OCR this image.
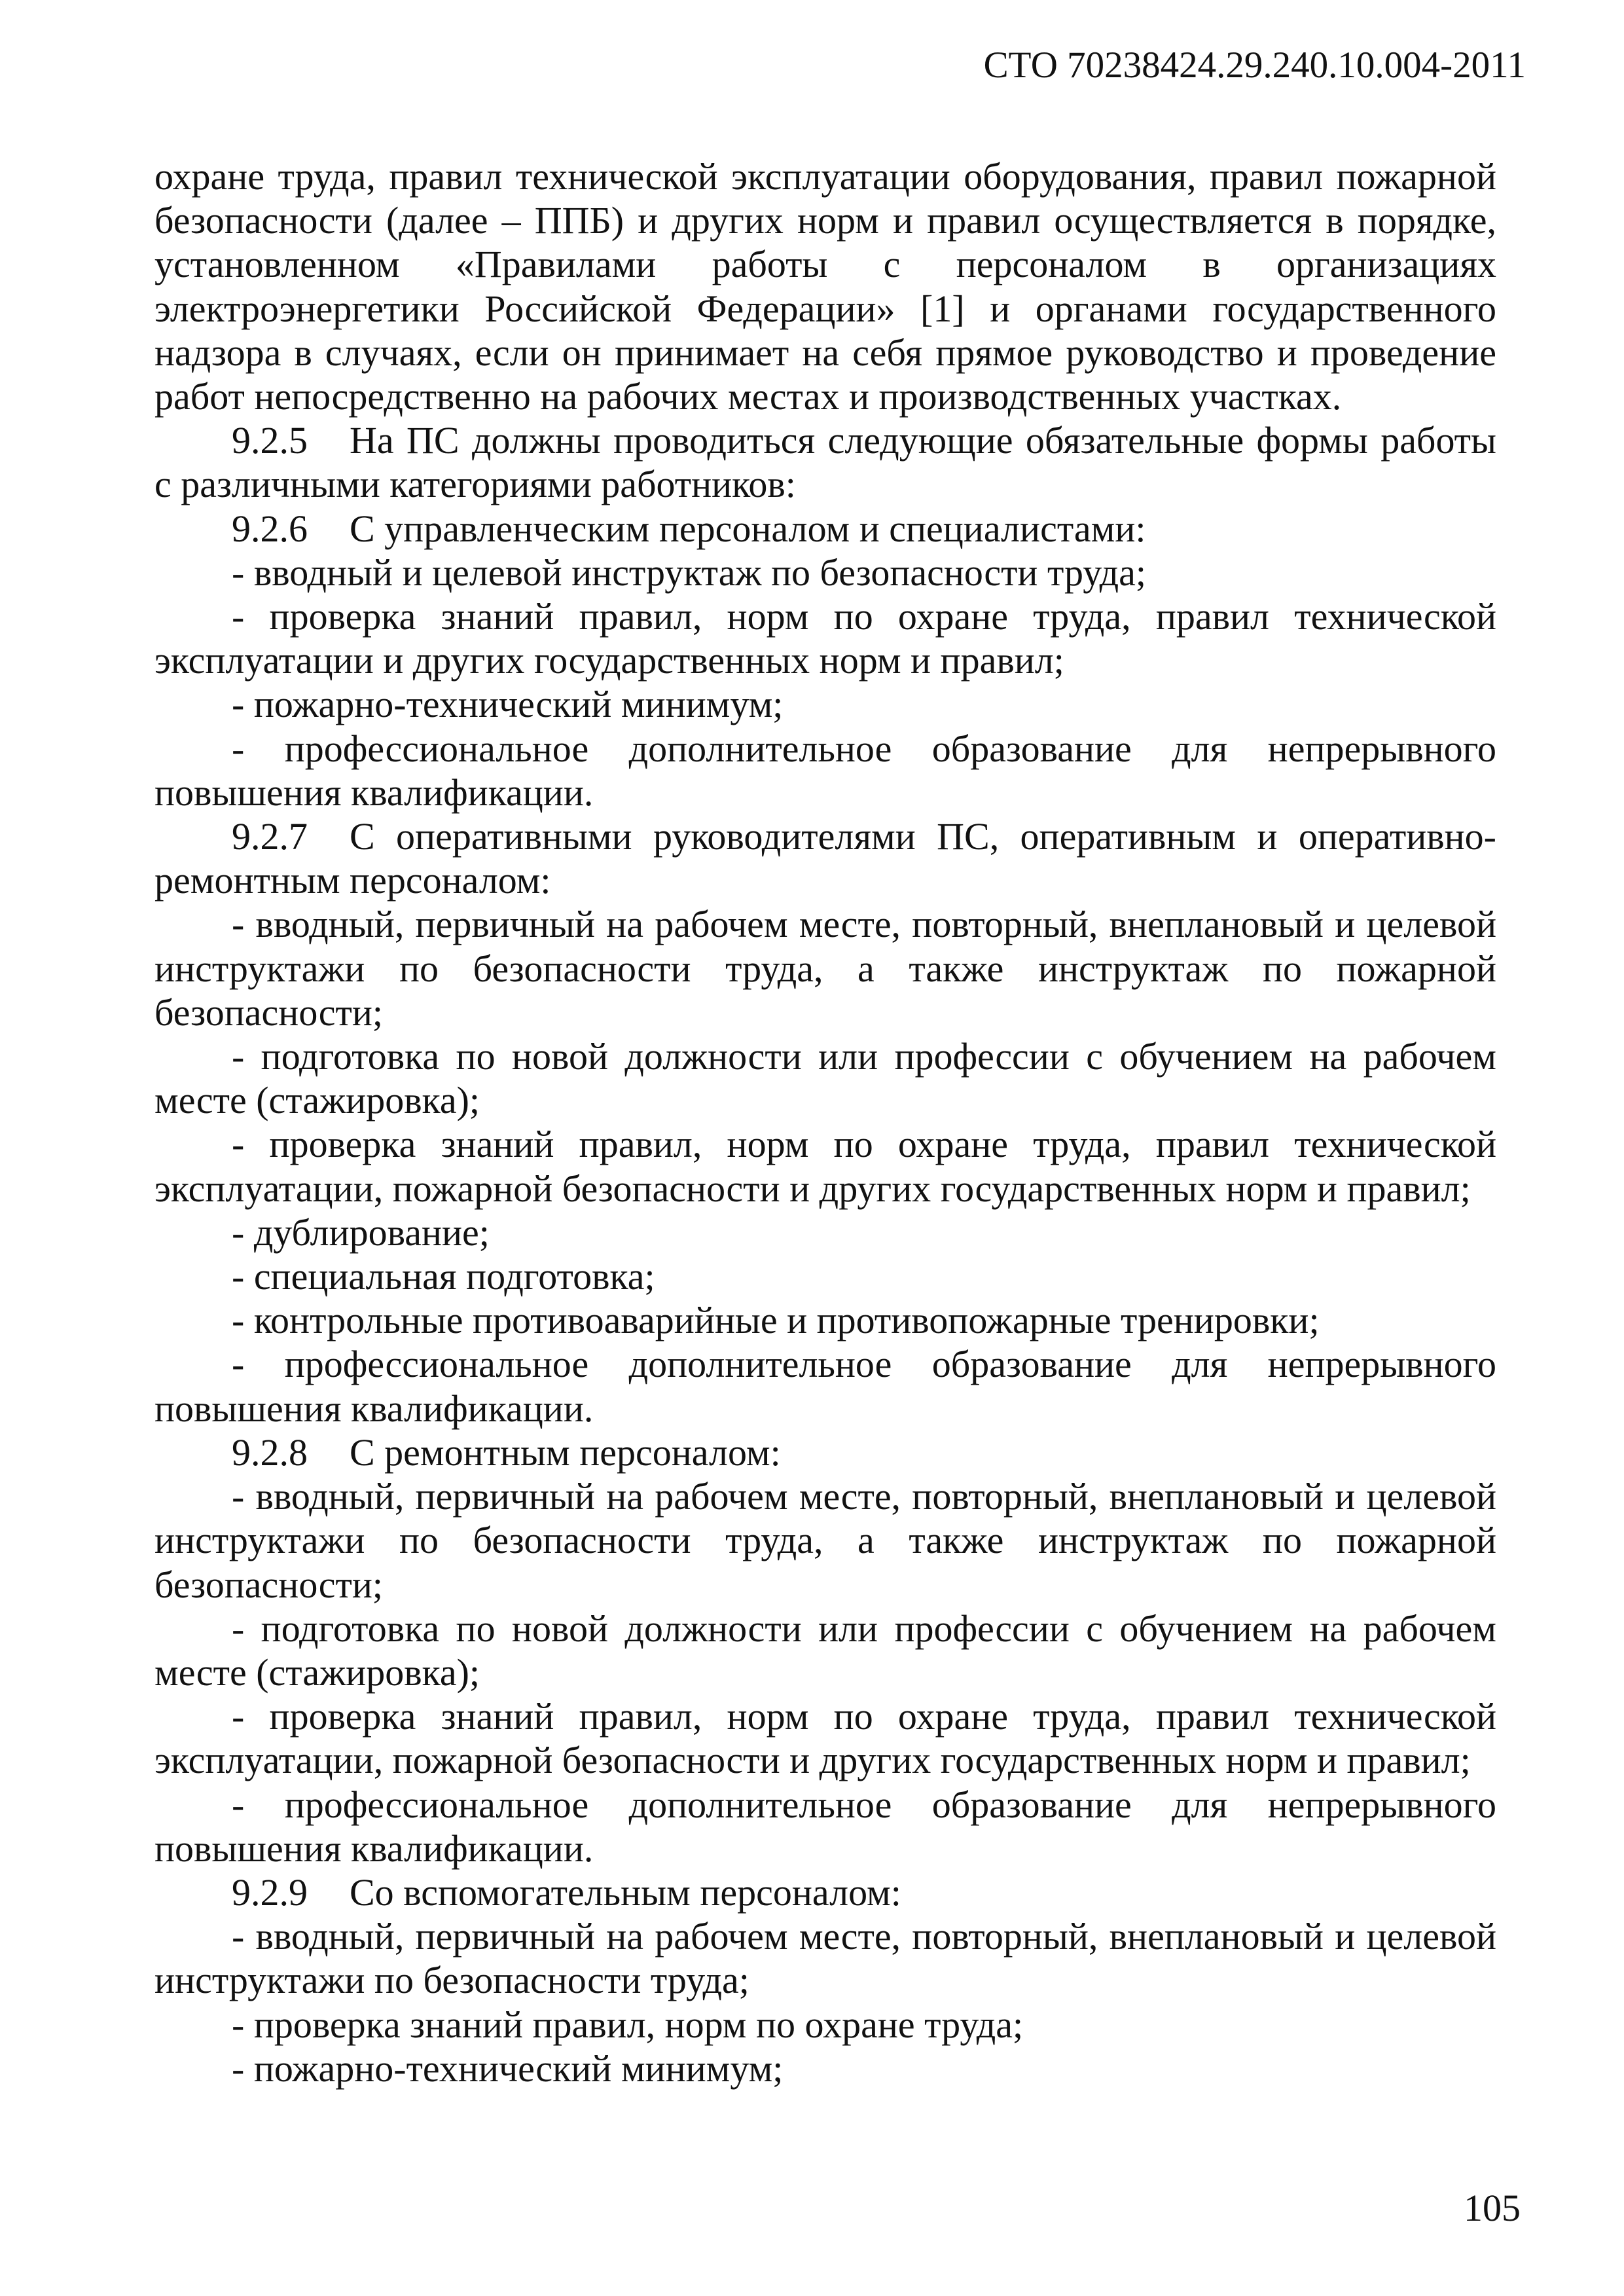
СТО 70238424.29.240.10.004-2011

охране труда, правил технической эксплуатации оборудования, правил пожарной безопасности (далее – ППБ) и других норм и правил осуществляется в порядке, установленном «Правилами работы с персоналом в организациях электроэнергетики Российской Федерации» [1] и органами государственного надзора в случаях, если он принимает на себя прямое руководство и проведение работ непосредственно на рабочих местах и производственных участках.

9.2.5 На ПС должны проводиться следующие обязательные формы работы с различными категориями работников:

9.2.6 С управленческим персоналом и специалистами:

- вводный и целевой инструктаж по безопасности труда;

- проверка знаний правил, норм по охране труда, правил технической эксплуатации и других государственных норм и правил;

- пожарно-технический минимум;

- профессиональное дополнительное образование для непрерывного повышения квалификации.

9.2.7 С оперативными руководителями ПС, оперативным и оперативно-ремонтным персоналом:

- вводный, первичный на рабочем месте, повторный, внеплановый и целевой инструктажи по безопасности труда, а также инструктаж по пожарной безопасности;

- подготовка по новой должности или профессии с обучением на рабочем месте (стажировка);

- проверка знаний правил, норм по охране труда, правил технической эксплуатации, пожарной безопасности и других государственных норм и правил;

- дублирование;

- специальная подготовка;

- контрольные противоаварийные и противопожарные тренировки;

- профессиональное дополнительное образование для непрерывного повышения квалификации.

9.2.8 С ремонтным персоналом:

- вводный, первичный на рабочем месте, повторный, внеплановый и целевой инструктажи по безопасности труда, а также инструктаж по пожарной безопасности;

- подготовка по новой должности или профессии с обучением на рабочем месте (стажировка);

- проверка знаний правил, норм по охране труда, правил технической эксплуатации, пожарной безопасности и других государственных норм и правил;

- профессиональное дополнительное образование для непрерывного повышения квалификации.

9.2.9 Со вспомогательным персоналом:

- вводный, первичный на рабочем месте, повторный, внеплановый и целевой инструктажи по безопасности труда;

- проверка знаний правил, норм по охране труда;

- пожарно-технический минимум;

105
